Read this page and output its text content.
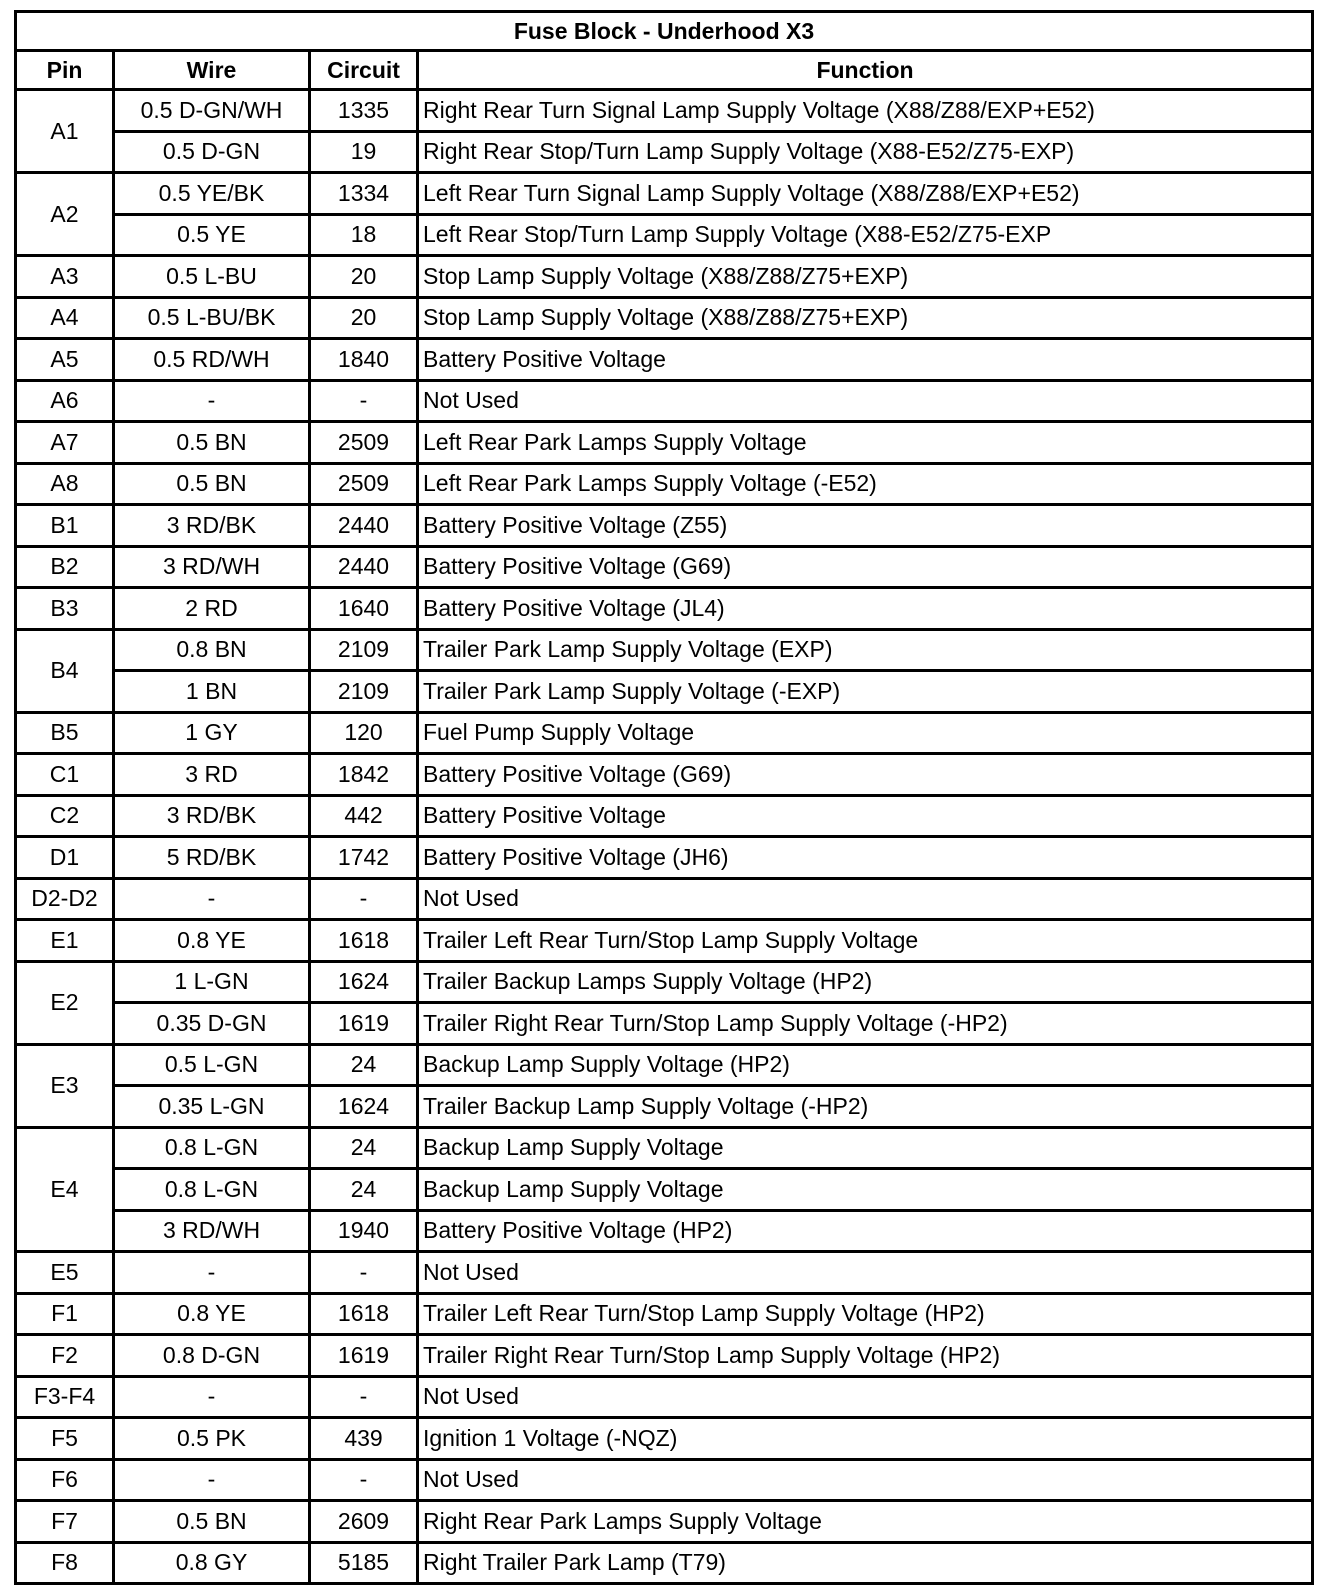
Fuse Block - Underhood X3			
Pin	Wire	Circuit	Function
A1	0.5 D-GN/WH	1335	Right Rear Turn Signal Lamp Supply Voltage (X88/Z88/EXP+E52)
	0.5 D-GN	19	Right Rear Stop/Turn Lamp Supply Voltage (X88-E52/Z75-EXP)
A2	0.5 YE/BK	1334	Left Rear Turn Signal Lamp Supply Voltage (X88/Z88/EXP+E52)
	0.5 YE	18	Left Rear Stop/Turn Lamp Supply Voltage (X88-E52/Z75-EXP
A3	0.5 L-BU	20	Stop Lamp Supply Voltage (X88/Z88/Z75+EXP)
A4	0.5 L-BU/BK	20	Stop Lamp Supply Voltage (X88/Z88/Z75+EXP)
A5	0.5 RD/WH	1840	Battery Positive Voltage
A6	-	-	Not Used
A7	0.5 BN	2509	Left Rear Park Lamps Supply Voltage
A8	0.5 BN	2509	Left Rear Park Lamps Supply Voltage (-E52)
B1	3 RD/BK	2440	Battery Positive Voltage (Z55)
B2	3 RD/WH	2440	Battery Positive Voltage (G69)
B3	2 RD	1640	Battery Positive Voltage (JL4)
B4	0.8 BN	2109	Trailer Park Lamp Supply Voltage (EXP)
	1 BN	2109	Trailer Park Lamp Supply Voltage (-EXP)
B5	1 GY	120	Fuel Pump Supply Voltage
C1	3 RD	1842	Battery Positive Voltage (G69)
C2	3 RD/BK	442	Battery Positive Voltage
D1	5 RD/BK	1742	Battery Positive Voltage (JH6)
D2-D2	-	-	Not Used
E1	0.8 YE	1618	Trailer Left Rear Turn/Stop Lamp Supply Voltage
E2	1 L-GN	1624	Trailer Backup Lamps Supply Voltage (HP2)
	0.35 D-GN	1619	Trailer Right Rear Turn/Stop Lamp Supply Voltage (-HP2)
E3	0.5 L-GN	24	Backup Lamp Supply Voltage (HP2)
	0.35 L-GN	1624	Trailer Backup Lamp Supply Voltage (-HP2)
E4	0.8 L-GN	24	Backup Lamp Supply Voltage
	0.8 L-GN	24	Backup Lamp Supply Voltage
	3 RD/WH	1940	Battery Positive Voltage (HP2)
E5	-	-	Not Used
F1	0.8 YE	1618	Trailer Left Rear Turn/Stop Lamp Supply Voltage (HP2)
F2	0.8 D-GN	1619	Trailer Right Rear Turn/Stop Lamp Supply Voltage (HP2)
F3-F4	-	-	Not Used
F5	0.5 PK	439	Ignition 1 Voltage (-NQZ)
F6	-	-	Not Used
F7	0.5 BN	2609	Right Rear Park Lamps Supply Voltage
F8	0.8 GY	5185	Right Trailer Park Lamp (T79)
